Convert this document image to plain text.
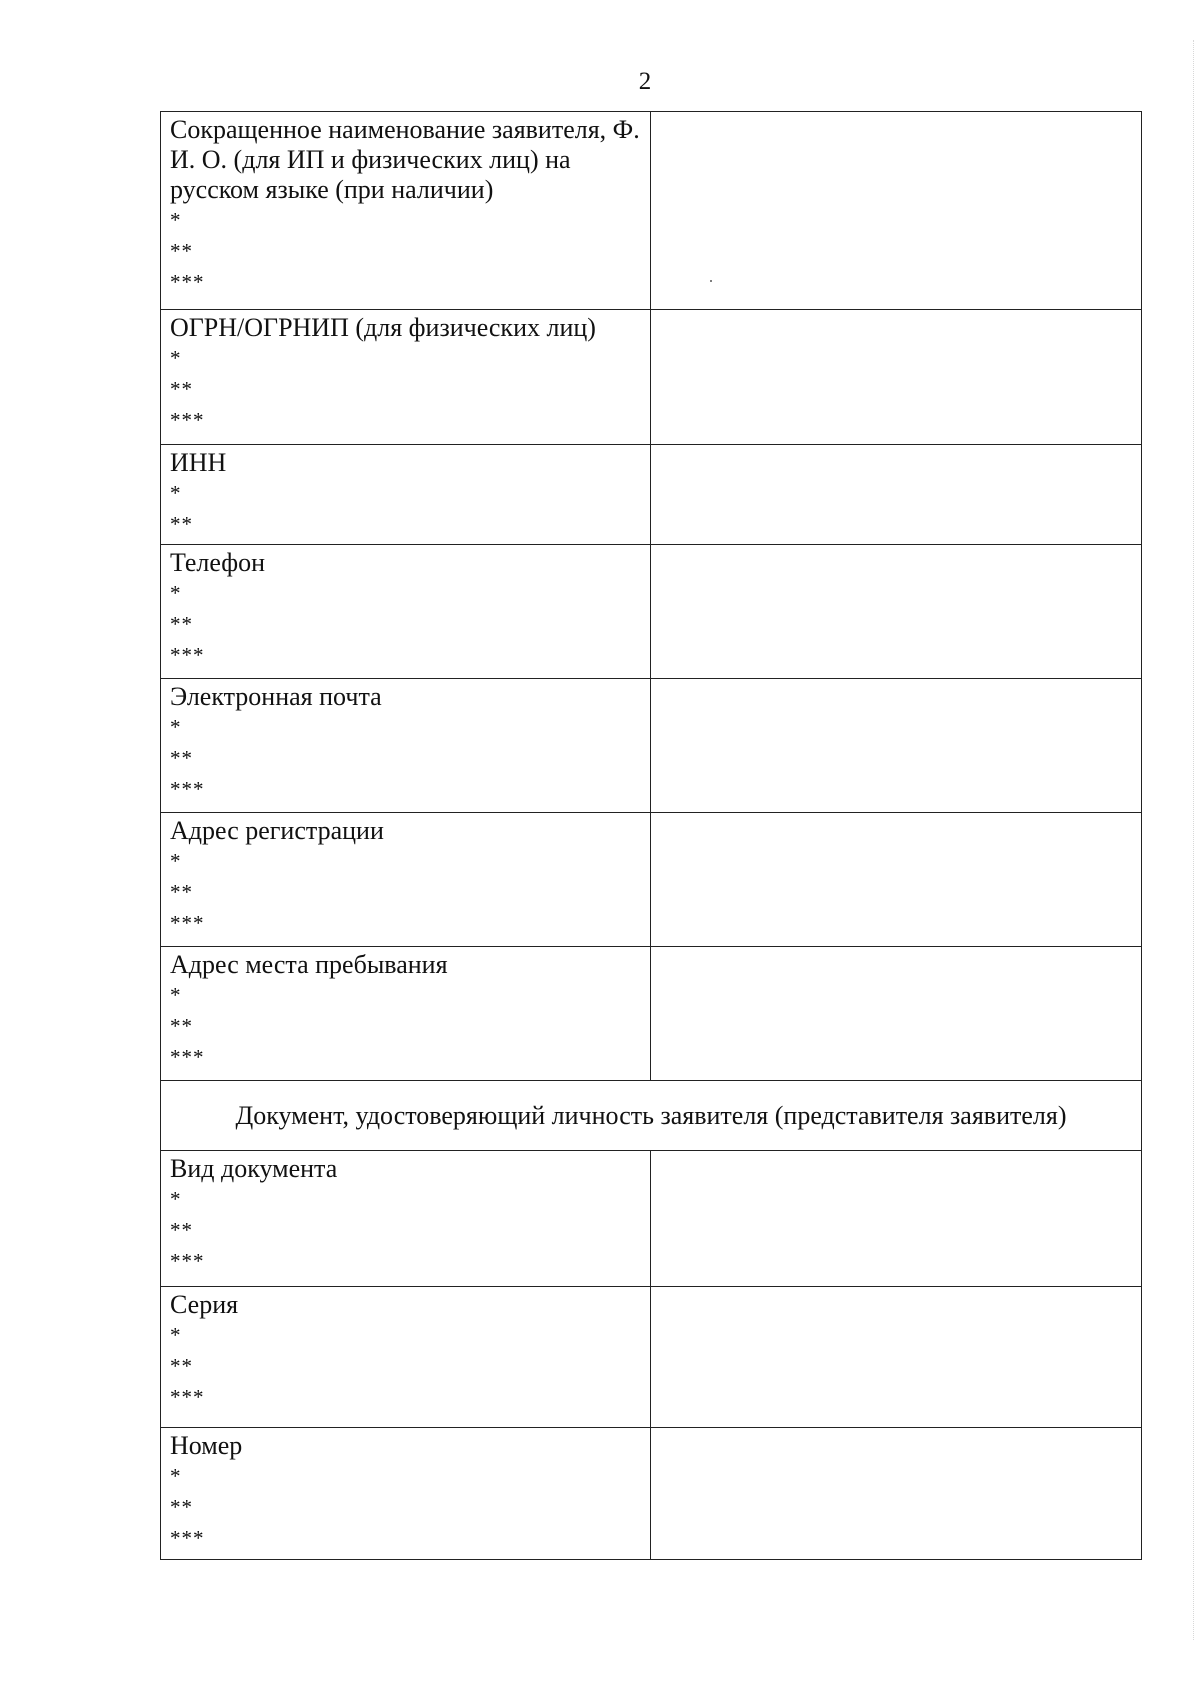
2
Сокращенное наименование заявителя, Ф. И. О. (для ИП и физических лиц) на русском языке (при наличии)
*
**
***	

ОГРН/ОГРНИП (для физических лиц)
*
**
***	

ИНН
*
**	

Телефон
*
**
***	

Электронная почта
*
**
***	

Адрес регистрации
*
**
***	

Адрес места пребывания
*
**
***	

Документ, удостоверяющий личность заявителя (представителя заявителя)	

Вид документа
*
**
***	

Серия
*
**
***	

Номер
*
**
***	
